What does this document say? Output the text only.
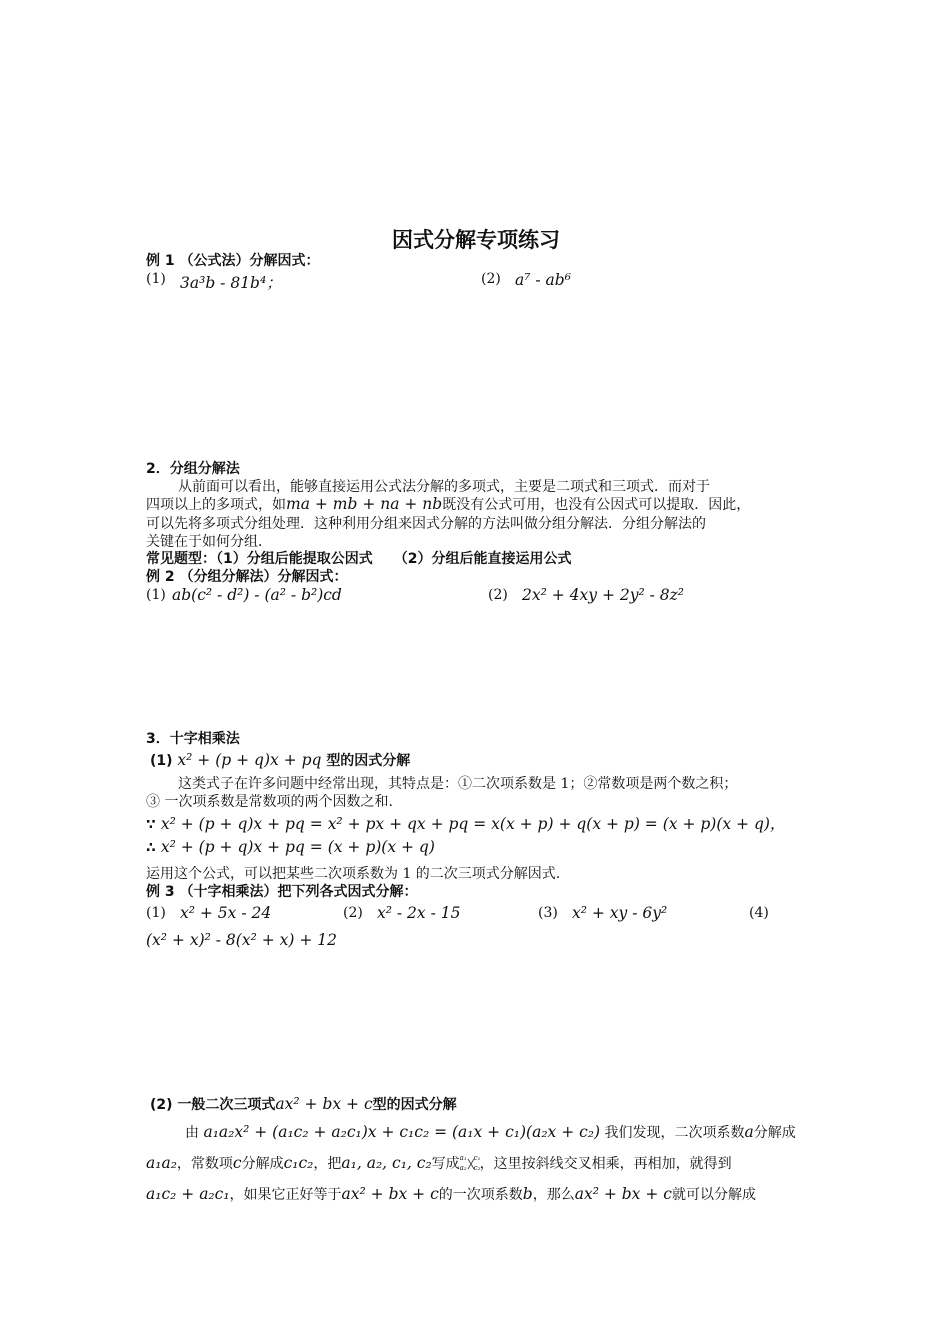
因式分解专项练习
例 1 （公式法）分解因式：
(1) 3a³b - 81b⁴；	(2) a⁷ - ab⁶
2．分组分解法
从前面可以看出，能够直接运用公式法分解的多项式，主要是二项式和三项式．而对于
四项以上的多项式，如ma + mb + na + nb既没有公式可用，也没有公因式可以提取．因此，
可以先将多项式分组处理．这种利用分组来因式分解的方法叫做分组分解法．分组分解法的
关键在于如何分组．
常见题型：（1）分组后能提取公因式　　（2）分组后能直接运用公式
例 2 （分组分解法）分解因式：
(1) ab(c² - d²) - (a² - b²)cd	(2) 2x² + 4xy + 2y² - 8z²
3．十字相乘法
(1) x² + (p + q)x + pq 型的因式分解
这类式子在许多问题中经常出现，其特点是：①二次项系数是 1；②常数项是两个数之积；
③ 一次项系数是常数项的两个因数之和.
∵ x² + (p + q)x + pq = x² + px + qx + pq = x(x + p) + q(x + p) = (x + p)(x + q)，
∴ x² + (p + q)x + pq = (x + p)(x + q)
运用这个公式，可以把某些二次项系数为 1 的二次三项式分解因式.
例 3 （十字相乘法）把下列各式因式分解：
(1) x² + 5x - 24	(2) x² - 2x - 15	(3) x² + xy - 6y²	(4)
(x² + x)² - 8(x² + x) + 12
(2) 一般二次三项式ax² + bx + c型的因式分解
由 a₁a₂x² + (a₁c₂ + a₂c₁)x + c₁c₂ = (a₁x + c₁)(a₂x + c₂) 我们发现，二次项系数a分解成
a₁a₂，常数项c分解成c₁c₂，把a₁, a₂, c₁, c₂写成 a₁
a₂
c₁
c₂ ，这里按斜线交叉相乘，再相加，就得到
a₁c₂ + a₂c₁，如果它正好等于ax² + bx + c的一次项系数b，那么ax² + bx + c就可以分解成
